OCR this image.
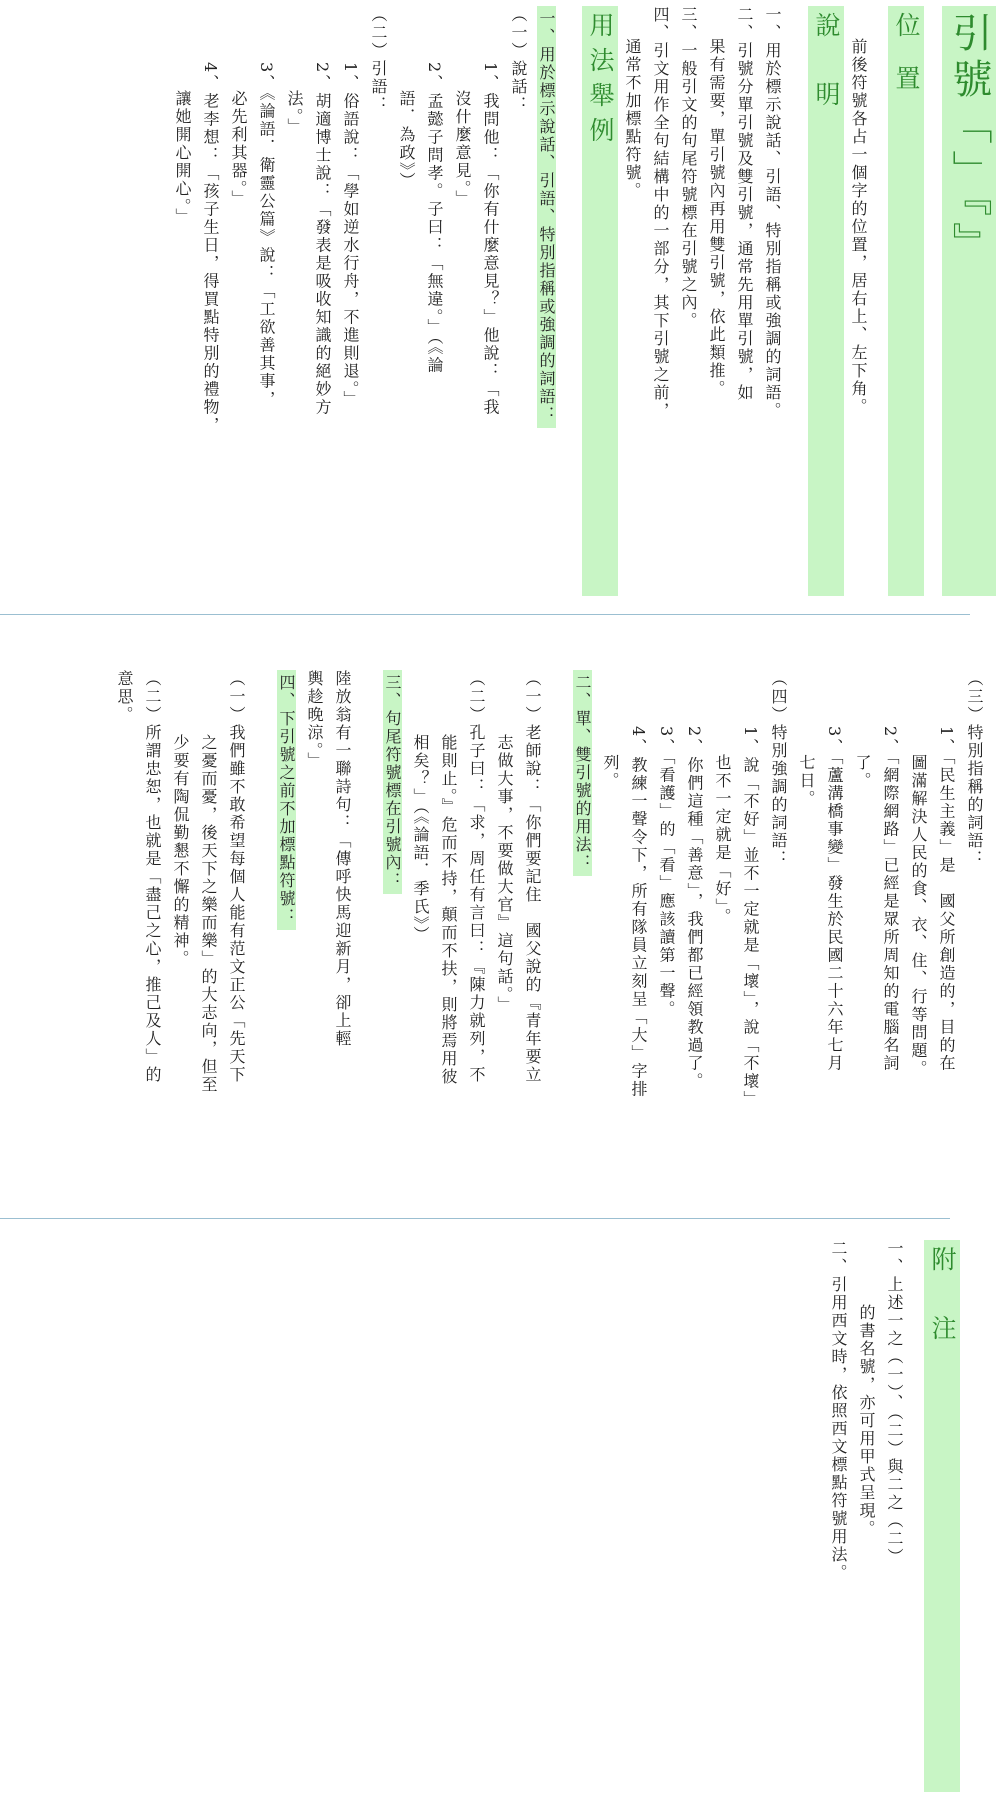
引號「」『』
位 置
前後符號各占一個字的位置，居右上、左下角。
說 明
一、用於標示說話、引語、特別指稱或強調的詞語。
二、引號分單引號及雙引號，通常先用單引號，如
果有需要，單引號內再用雙引號，依此類推。
三、一般引文的句尾符號標在引號之內。
四、引文用作全句結構中的一部分，其下引號之前，
通常不加標點符號。
用法舉例
一、用於標示說話、引語、特別指稱或強調的詞語：
（一）說話：
1、我問他：「你有什麼意見？」他說：「我
沒什麼意見。」
2、孟懿子問孝。子曰：「無違。」（《論
語．為政》）
（二）引語：
1、俗語說：「學如逆水行舟，不進則退。」
2、胡適博士說：「發表是吸收知識的絕妙方
法。」
3、《論語．衛靈公篇》說：「工欲善其事，
必先利其器。」
4、老李想：「孩子生日，得買點特別的禮物，
讓她開心開心。」
（三）特別指稱的詞語：
1、「民生主義」是　國父所創造的，目的在
圖滿解決人民的食、衣、住、行等問題。
2、「網際網路」已經是眾所周知的電腦名詞
了。
3、「蘆溝橋事變」發生於民國二十六年七月
七日。
（四）特別強調的詞語：
1、說「不好」並不一定就是「壞」，說「不壞」
也不一定就是「好」。
2、你們這種「善意」，我們都已經領教過了。
3、「看護」的「看」應該讀第一聲。
4、教練一聲令下，所有隊員立刻呈「大」字排
列。
二、單、雙引號的用法：
（一）老師說：「你們要記住　國父說的『青年要立
志做大事，不要做大官』這句話。」
（二）孔子曰：「求，周任有言曰：『陳力就列，不
能則止。』危而不持，顛而不扶，則將焉用彼
相矣？」（《論語．季氏》）
三、句尾符號標在引號內：
陸放翁有一聯詩句：「傳呼快馬迎新月，卻上輕
輿趁晚涼。」
四、下引號之前不加標點符號：
（一）我們雖不敢希望每個人能有范文正公「先天下
之憂而憂，後天下之樂而樂」的大志向，但至
少要有陶侃勤懇不懈的精神。
（二）所謂忠恕，也就是「盡己之心，推己及人」的
意思。
附 注
一、上述一之（一）、（二）與二之（二）
的書名號，亦可用甲式呈現。
二、引用西文時，依照西文標點符號用法。
